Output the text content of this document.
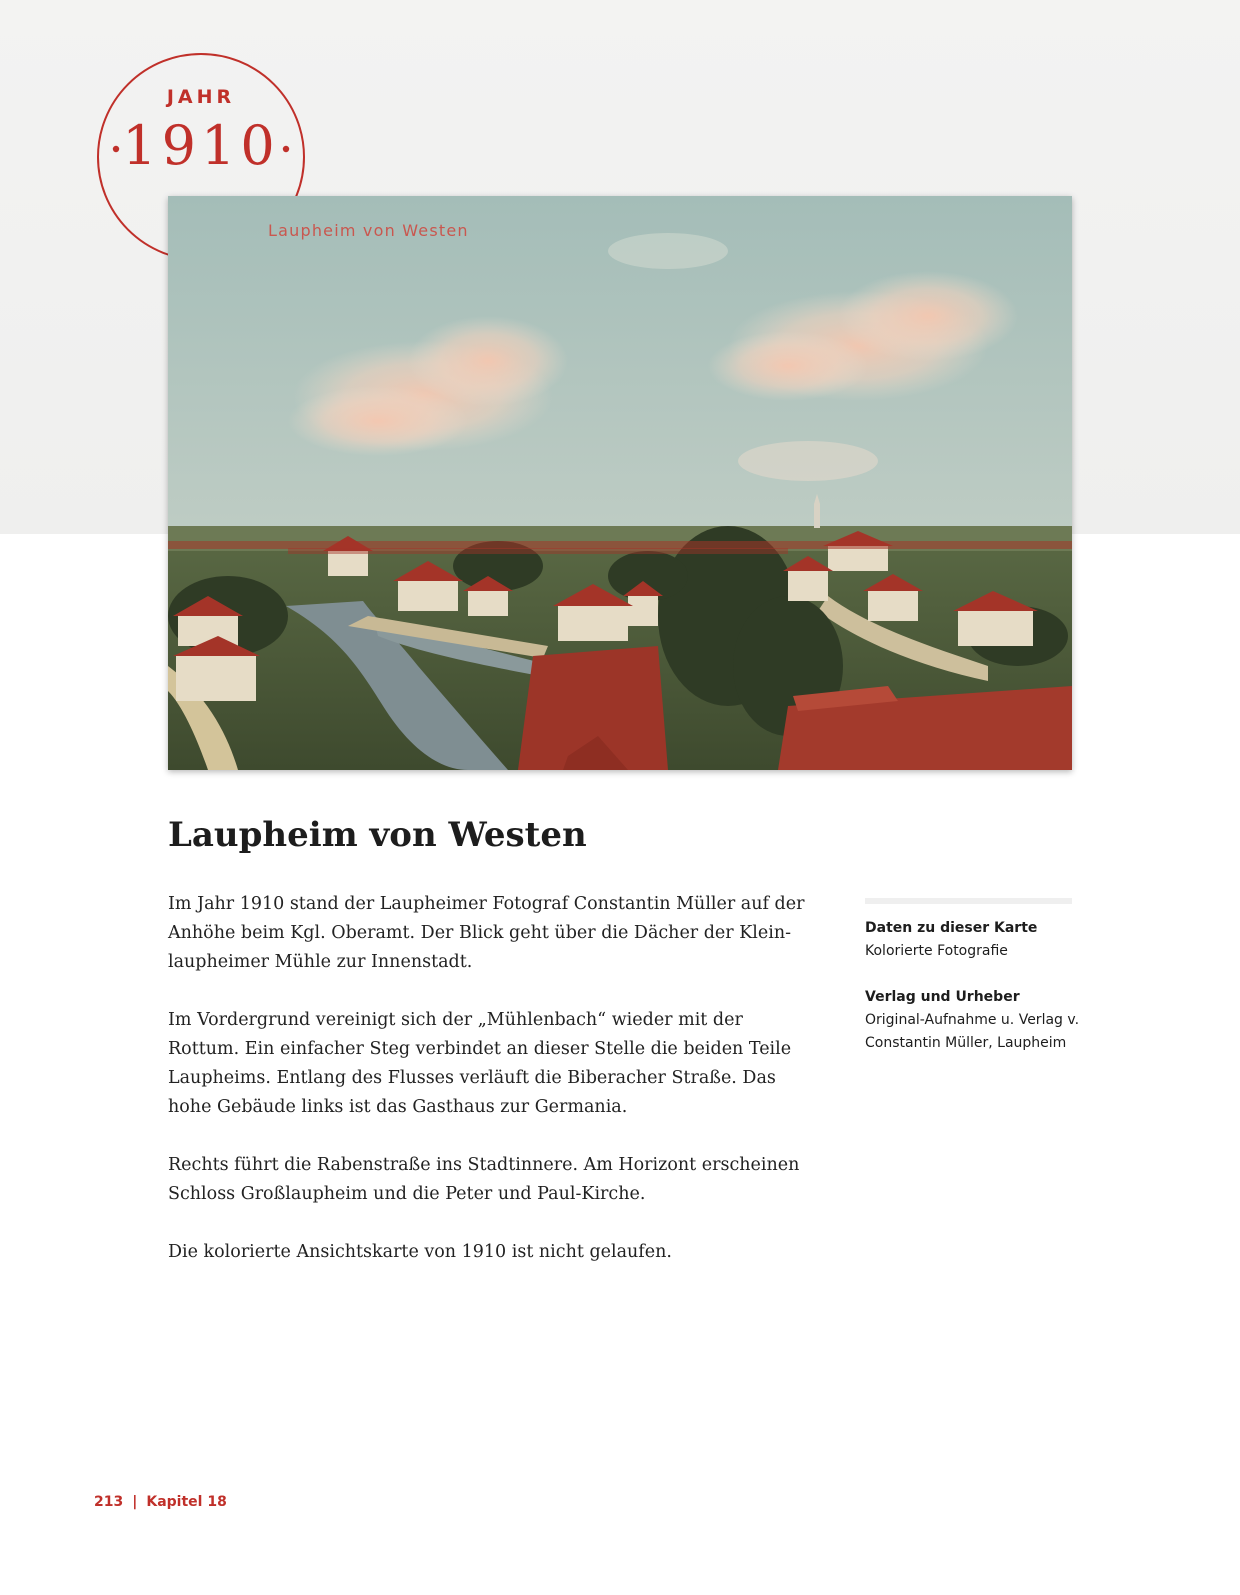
JAHR
1910
Laupheim von Westen
Laupheim von Westen

Im Jahr 1910 stand der Laupheimer Fotograf Constantin Müller auf der Anhöhe beim Kgl. Oberamt. Der Blick geht über die Dächer der Kleinlaupheimer Mühle zur Innenstadt.

Im Vordergrund vereinigt sich der „Mühlenbach“ wieder mit der Rottum. Ein einfacher Steg verbindet an dieser Stelle die beiden Teile Laupheims. Entlang des Flusses verläuft die Biberacher Straße. Das hohe Gebäude links ist das Gasthaus zur Germania.

Rechts führt die Rabenstraße ins Stadtinnere. Am Horizont erscheinen Schloss Großlaupheim und die Peter und Paul-Kirche.

Die kolorierte Ansichtskarte von 1910 ist nicht gelaufen.

Daten zu dieser Karte
Kolorierte Fotografie
Verlag und Urheber
Original-Aufnahme u. Verlag v.
Constantin Müller, Laupheim
213 | Kapitel 18
